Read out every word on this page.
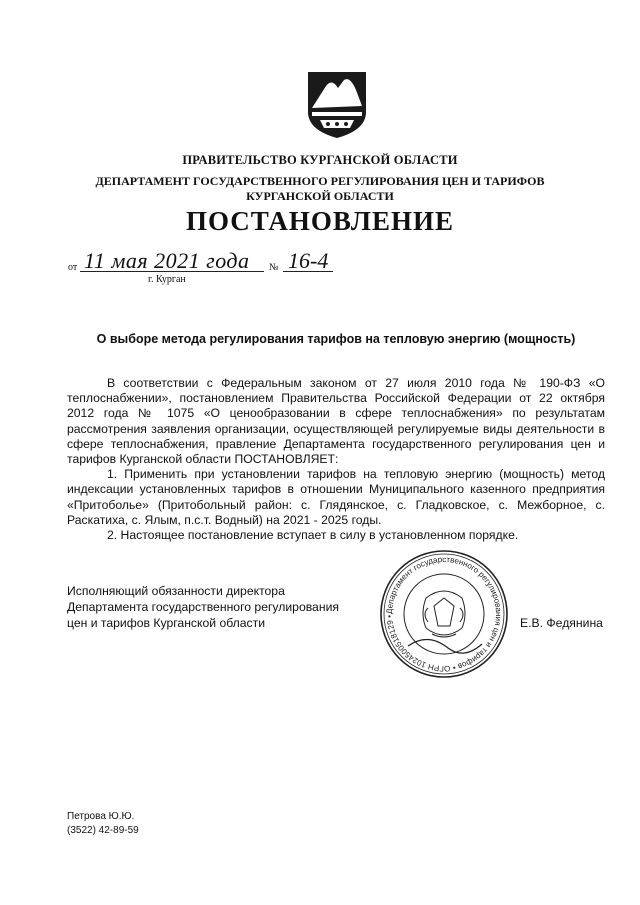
ПРАВИТЕЛЬСТВО КУРГАНСКОЙ ОБЛАСТИ
ДЕПАРТАМЕНТ ГОСУДАРСТВЕННОГО РЕГУЛИРОВАНИЯ ЦЕН И ТАРИФОВ
КУРГАНСКОЙ ОБЛАСТИ
ПОСТАНОВЛЕНИЕ
от 11 мая 2021 года № 16-4
г. Курган
О выборе метода регулирования тарифов на тепловую энергию (мощность)

В соответствии с Федеральным законом от 27 июля 2010 года № 190-ФЗ «О теплоснабжении», постановлением Правительства Российской Федерации от 22 октября 2012 года № 1075 «О ценообразовании в сфере теплоснабжения» по результатам рассмотрения заявления организации, осуществляющей регулируемые виды деятельности в сфере теплоснабжения, правление Департамента государственного регулирования цен и тарифов Курганской области ПОСТАНОВЛЯЕТ:

1. Применить при установлении тарифов на тепловую энергию (мощность) метод индексации установленных тарифов в отношении Муниципального казенного предприятия «Притоболье» (Притобольный район: с. Глядянское, с. Гладковское, с. Межборное, с. Раскатиха, с. Ялым, п.с.т. Водный) на 2021 - 2025 годы.

2. Настоящее постановление вступает в силу в установленном порядке.

Исполняющий обязанности директора
Департамента государственного регулирования
цен и тарифов Курганской области	Е.В. Федянина
Департамент государственного регулирования цен и тарифов • ОГРН 1024500518129 •
Петрова Ю.Ю.
(3522) 42-89-59
